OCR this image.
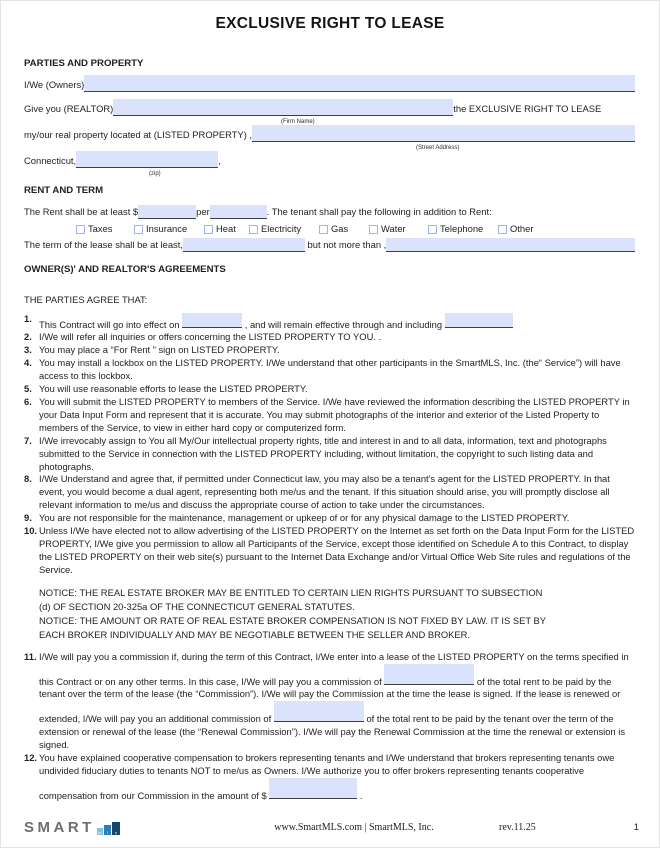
EXCLUSIVE RIGHT TO LEASE
PARTIES AND PROPERTY
I/We (Owners)
Give you (REALTOR)	the EXCLUSIVE RIGHT TO LEASE
(Firm Name)
my/our real property located at (LISTED PROPERTY) ,
(Street Address)
Connecticut,	,
(zip)
RENT AND TERM
The Rent shall be at least $	per	. The tenant shall pay the following in addition to Rent:
Taxes	Insurance	Heat	Electricity	Gas	Water	Telephone	Other
The term of the lease shall be at least,	but not more than ,
OWNER(S)' AND REALTOR'S AGREEMENTS
THE PARTIES AGREE THAT:
1.
This Contract will go into effect on	, and will remain effective through and including
2. I/We will refer all inquiries or offers concerning the LISTED PROPERTY TO YOU. .
3. You may place a “For Rent ” sign on LISTED PROPERTY.
4. You may install a lockbox on the LISTED PROPERTY. I/We understand that other participants in the SmartMLS, Inc. (the“ Service”) will have access to this lockbox.
5. You will use reasonable efforts to lease the LISTED PROPERTY.
6. You will submit the LISTED PROPERTY to members of the Service. I/We have reviewed the information describing the LISTED PROPERTY in your Data Input Form and represent that it is accurate. You may submit photographs of the interior and exterior of the Listed Property to members of the Service, to view in either hard copy or computerized form.
7. I/We irrevocably assign to You all My/Our intellectual property rights, title and interest in and to all data, information, text and photographs submitted to the Service in connection with the LISTED PROPERTY including, without limitation, the copyright to such listing data and photographs.
8. I/We Understand and agree that, if permitted under Connecticut law, you may also be a tenant's agent for the LISTED PROPERTY. In that event, you would become a dual agent, representing both me/us and the tenant. If this situation should arise, you will promptly disclose all relevant information to me/us and discuss the appropriate course of action to take under the circumstances.
9. You are not responsible for the maintenance, management or upkeep of or for any physical damage to the LISTED PROPERTY.
10. Unless I/We have elected not to allow advertising of the LISTED PROPERTY on the Internet as set forth on the Data Input Form for the LISTED PROPERTY, I/We give you permission to allow all Participants of the Service, except those identified on Schedule A to this Contract, to display the LISTED PROPERTY on their web site(s) pursuant to the Internet Data Exchange and/or Virtual Office Web Site rules and regulations of the Service.
NOTICE: THE REAL ESTATE BROKER MAY BE ENTITLED TO CERTAIN LIEN RIGHTS PURSUANT TO SUBSECTION (d) OF SECTION 20-325a OF THE CONNECTICUT GENERAL STATUTES.
NOTICE: THE AMOUNT OR RATE OF REAL ESTATE BROKER COMPENSATION IS NOT FIXED BY LAW. IT IS SET BY EACH BROKER INDIVIDUALLY AND MAY BE NEGOTIABLE BETWEEN THE SELLER AND BROKER.
11. I/We will pay you a commission if, during the term of this Contract, I/We enter into a lease of the LISTED PROPERTY on the terms specified in this Contract or on any other terms. In this case, I/We will pay you a commission of	of the total rent to be paid by the tenant over the term of the lease (the “Commission”). I/We will pay the Commission at the time the lease is signed. If the lease is renewed or extended, I/We will pay you an additional commission of	of the total rent to be paid by the tenant over the term of the extension or renewal of the lease (the “Renewal Commission”). I/We will pay the Renewal Commission at the time the renewal or extension is signed.
12. You have explained cooperative compensation to brokers representing tenants and I/We understand that brokers representing tenants owe undivided fiduciary duties to tenants NOT to me/us as Owners. I/We authorize you to offer brokers representing tenants cooperative compensation from our Commission in the amount of $	.
SMART m	l	s	www.SmartMLS.com | SmartMLS, Inc.	rev.11.25	1
